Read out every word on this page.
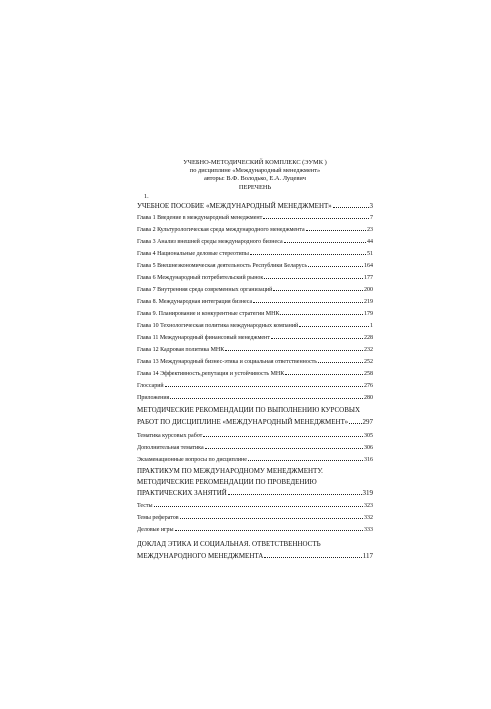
УЧЕБНО-МЕТОДИЧЕСКИЙ КОМПЛЕКС (ЭУМК )
по дисциплине «Международный менеджмент»
авторы: В.Ф. Володько, Е.А. Луцевич
ПЕРЕЧЕНЬ
1.
УЧЕБНОЕ ПОСОБИЕ «МЕЖДУНАРОДНЫЙ МЕНЕДЖМЕНТ»	3
Глава 1 Введение в международный менеджмент	7
Глава 2 Культурологическая среда международного менеджмента	23
Глава 3 Анализ внешней среды международного бизнеса	44
Глава 4 Национальные деловые стереотипы	51
Глава 5 Внешнеэкономическая деятельность Республики Беларусь	164
Глава 6 Международный потребительский рынок	177
Глава 7 Внутренняя среда современных организаций	200
Глава 8. Международная интеграция бизнеса	219
Глава 9. Планирование и конкурентные стратегии МНК	179
Глава 10 Технологическая политика международных компаний	1
Глава 11 Международный финансовый менеджмент	228
Глава 12 Кадровая политика МНК	232
Глава 13 Международный бизнес-этика и социальная ответственность	252
Глава 14 Эффективность,репутация и устойчивость МНК	258
Глоссарий	276
Приложения	280
МЕТОДИЧЕСКИЕ РЕКОМЕНДАЦИИ ПО ВЫПОЛНЕНИЮ КУРСОВЫХ
РАБОТ ПО ДИСЦИПЛИНЕ «МЕЖДУНАРОДНЫЙ МЕНЕДЖМЕНТ» 297
Тематика курсовых работ	305
Дополнительная тематика	306
Экзаменационные вопросы по дисциплине	316
ПРАКТИКУМ ПО МЕЖДУНАРОДНОМУ МЕНЕДЖМЕНТУ.
МЕТОДИЧЕСКИЕ РЕКОМЕНДАЦИИ ПО ПРОВЕДЕНИЮ
ПРАКТИЧЕСКИХ ЗАНЯТИЙ	319
Тесты	323
Темы рефератов	332
Деловые игры	333
ДОКЛАД ЭТИКА И СОЦИАЛЬНАЯ. ОТВЕТСТВЕННОСТЬ
МЕЖДУНАРОДНОГО МЕНЕДЖМЕНТА	117
